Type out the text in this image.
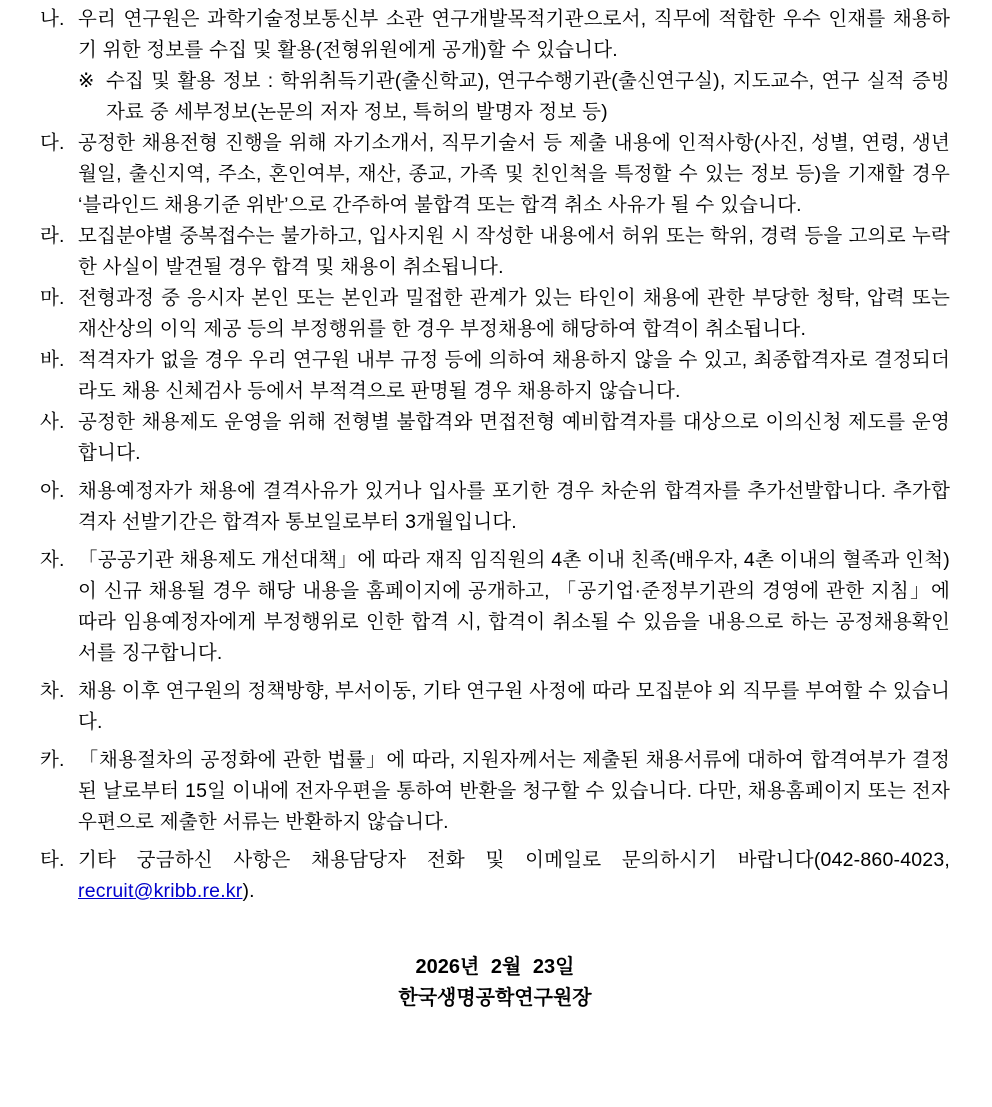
나. 우리 연구원은 과학기술정보통신부 소관 연구개발목적기관으로서, 직무에 적합한 우수 인재를 채용하기 위한 정보를 수집 및 활용(전형위원에게 공개)할 수 있습니다.

※ 수집 및 활용 정보 : 학위취득기관(출신학교), 연구수행기관(출신연구실), 지도교수, 연구 실적 증빙자료 중 세부정보(논문의 저자 정보, 특허의 발명자 정보 등)

다. 공정한 채용전형 진행을 위해 자기소개서, 직무기술서 등 제출 내용에 인적사항(사진, 성별, 연령, 생년월일, 출신지역, 주소, 혼인여부, 재산, 종교, 가족 및 친인척을 특정할 수 있는 정보 등)을 기재할 경우 ‘블라인드 채용기준 위반’으로 간주하여 불합격 또는 합격 취소 사유가 될 수 있습니다.

라. 모집분야별 중복접수는 불가하고, 입사지원 시 작성한 내용에서 허위 또는 학위, 경력 등을 고의로 누락한 사실이 발견될 경우 합격 및 채용이 취소됩니다.

마. 전형과정 중 응시자 본인 또는 본인과 밀접한 관계가 있는 타인이 채용에 관한 부당한 청탁, 압력 또는 재산상의 이익 제공 등의 부정행위를 한 경우 부정채용에 해당하여 합격이 취소됩니다.

바. 적격자가 없을 경우 우리 연구원 내부 규정 등에 의하여 채용하지 않을 수 있고, 최종합격자로 결정되더라도 채용 신체검사 등에서 부적격으로 판명될 경우 채용하지 않습니다.

사. 공정한 채용제도 운영을 위해 전형별 불합격와 면접전형 예비합격자를 대상으로 이의신청 제도를 운영합니다.

아. 채용예정자가 채용에 결격사유가 있거나 입사를 포기한 경우 차순위 합격자를 추가선발합니다. 추가합격자 선발기간은 합격자 통보일로부터 3개월입니다.

자. 「공공기관 채용제도 개선대책」에 따라 재직 임직원의 4촌 이내 친족(배우자, 4촌 이내의 혈족과 인척)이 신규 채용될 경우 해당 내용을 홈페이지에 공개하고, 「공기업·준정부기관의 경영에 관한 지침」에 따라 임용예정자에게 부정행위로 인한 합격 시, 합격이 취소될 수 있음을 내용으로 하는 공정채용확인서를 징구합니다.

차. 채용 이후 연구원의 정책방향, 부서이동, 기타 연구원 사정에 따라 모집분야 외 직무를 부여할 수 있습니다.

카. 「채용절차의 공정화에 관한 법률」에 따라, 지원자께서는 제출된 채용서류에 대하여 합격여부가 결정된 날로부터 15일 이내에 전자우편을 통하여 반환을 청구할 수 있습니다. 다만, 채용홈페이지 또는 전자우편으로 제출한 서류는 반환하지 않습니다.

타. 기타 궁금하신 사항은 채용담당자 전화 및 이메일로 문의하시기 바랍니다(042-860-4023, recruit@kribb.re.kr).

2026년 2월 23일

한국생명공학연구원장
